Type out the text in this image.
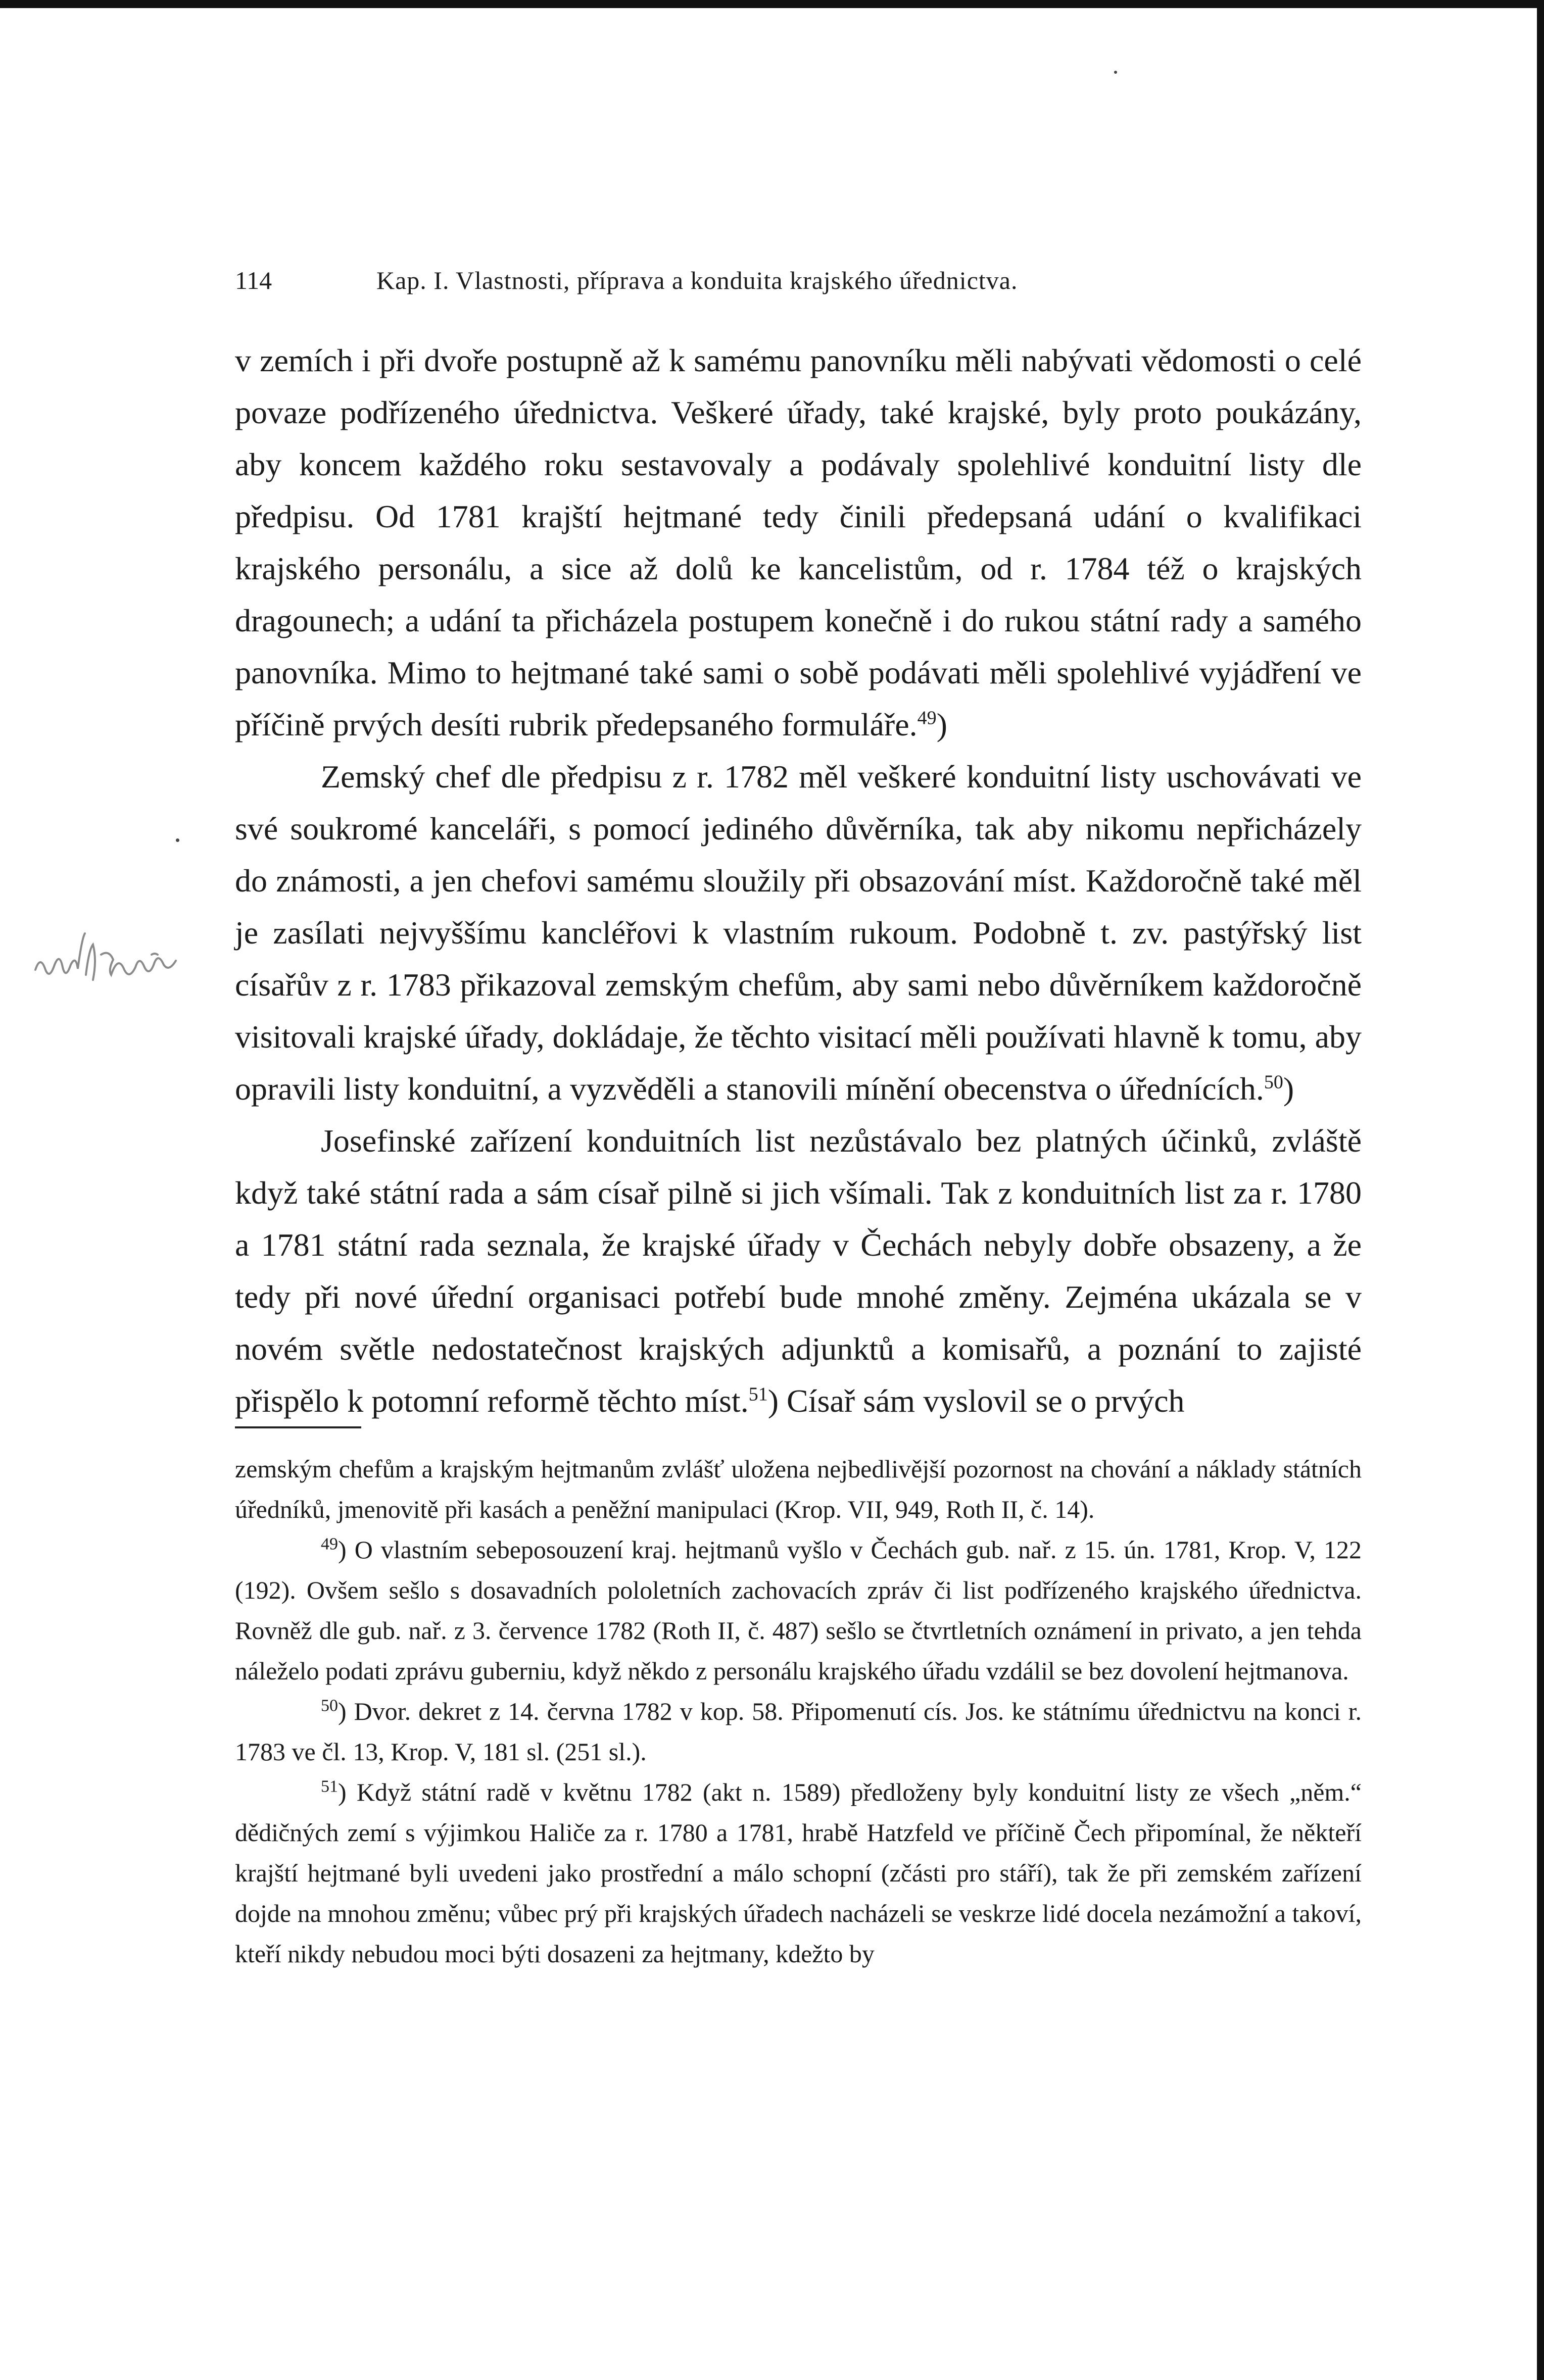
114	Kap. I. Vlastnosti, příprava a konduita krajského úřednictva.

v zemích i při dvoře postupně až k samému panovníku měli nabývati vědomosti o celé povaze podřízeného úřednictva. Veškeré úřady, také krajské, byly proto poukázány, aby koncem každého roku sestavovaly a podávaly spolehlivé konduitní listy dle předpisu. Od 1781 krajští hejtmané tedy činili předepsaná udání o kvalifikaci krajského personálu, a sice až dolů ke kancelistům, od r. 1784 též o krajských dragounech; a udání ta přicházela postupem konečně i do rukou státní rady a samého panovníka. Mimo to hejtmané také sami o sobě podávati měli spolehlivé vyjádření ve příčině prvých desíti rubrik předepsaného formuláře.$^{49}$)

Zemský chef dle předpisu z r. 1782 měl veškeré konduitní listy uschovávati ve své soukromé kanceláři, s pomocí jediného důvěrníka, tak aby nikomu nepřicházely do známosti, a jen chefovi samému sloužily při obsazování míst. Každoročně také měl je zasílati nejvyššímu kancléřovi k vlastním rukoum. Podobně t. zv. pastýřský list císařův z r. 1783 přikazoval zemským chefům, aby sami nebo důvěrníkem každoročně visitovali krajské úřady, dokládaje, že těchto visitací měli používati hlavně k tomu, aby opravili listy konduitní, a vyzvěděli a stanovili mínění obecenstva o úřednících.$^{50}$)

Josefinské zařízení konduitních list nezůstávalo bez platných účinků, zvláště když také státní rada a sám císař pilně si jich všímali. Tak z konduitních list za r. 1780 a 1781 státní rada seznala, že krajské úřady v Čechách nebyly dobře obsazeny, a že tedy při nové úřední organisaci potřebí bude mnohé změny. Zejména ukázala se v novém světle nedostatečnost krajských adjunktů a komisařů, a poznání to zajisté přispělo k potomní reformě těchto míst.$^{51}$) Císař sám vyslovil se o prvých

zemským chefům a krajským hejtmanům zvlášť uložena nejbedlivější pozornost na chování a náklady státních úředníků, jmenovitě při kasách a peněžní manipulaci (Krop. VII, 949, Roth II, č. 14).

$^{49}$) O vlastním sebeposouzení kraj. hejtmanů vyšlo v Čechách gub. nař. z 15. ún. 1781, Krop. V, 122 (192). Ovšem sešlo s dosavadních pololetních zachovacích zpráv či list podřízeného krajského úřednictva. Rovněž dle gub. nař. z 3. července 1782 (Roth II, č. 487) sešlo se čtvrtletních oznámení in privato, a jen tehda náleželo podati zprávu guberniu, když někdo z personálu krajského úřadu vzdálil se bez dovolení hejtmanova.

$^{50}$) Dvor. dekret z 14. června 1782 v kop. 58. Připomenutí cís. Jos. ke státnímu úřednictvu na konci r. 1783 ve čl. 13, Krop. V, 181 sl. (251 sl.).

$^{51}$) Když státní radě v květnu 1782 (akt n. 1589) předloženy byly konduitní listy ze všech „něm.“ dědičných zemí s výjimkou Haliče za r. 1780 a 1781, hrabě Hatzfeld ve příčině Čech připomínal, že někteří krajští hejtmané byli uvedeni jako prostřední a málo schopní (zčásti pro stáří), tak že při zemském zařízení dojde na mnohou změnu; vůbec prý při krajských úřadech nacházeli se veskrze lidé docela nezámožní a takoví, kteří nikdy nebudou moci býti dosazeni za hejtmany, kdežto by
